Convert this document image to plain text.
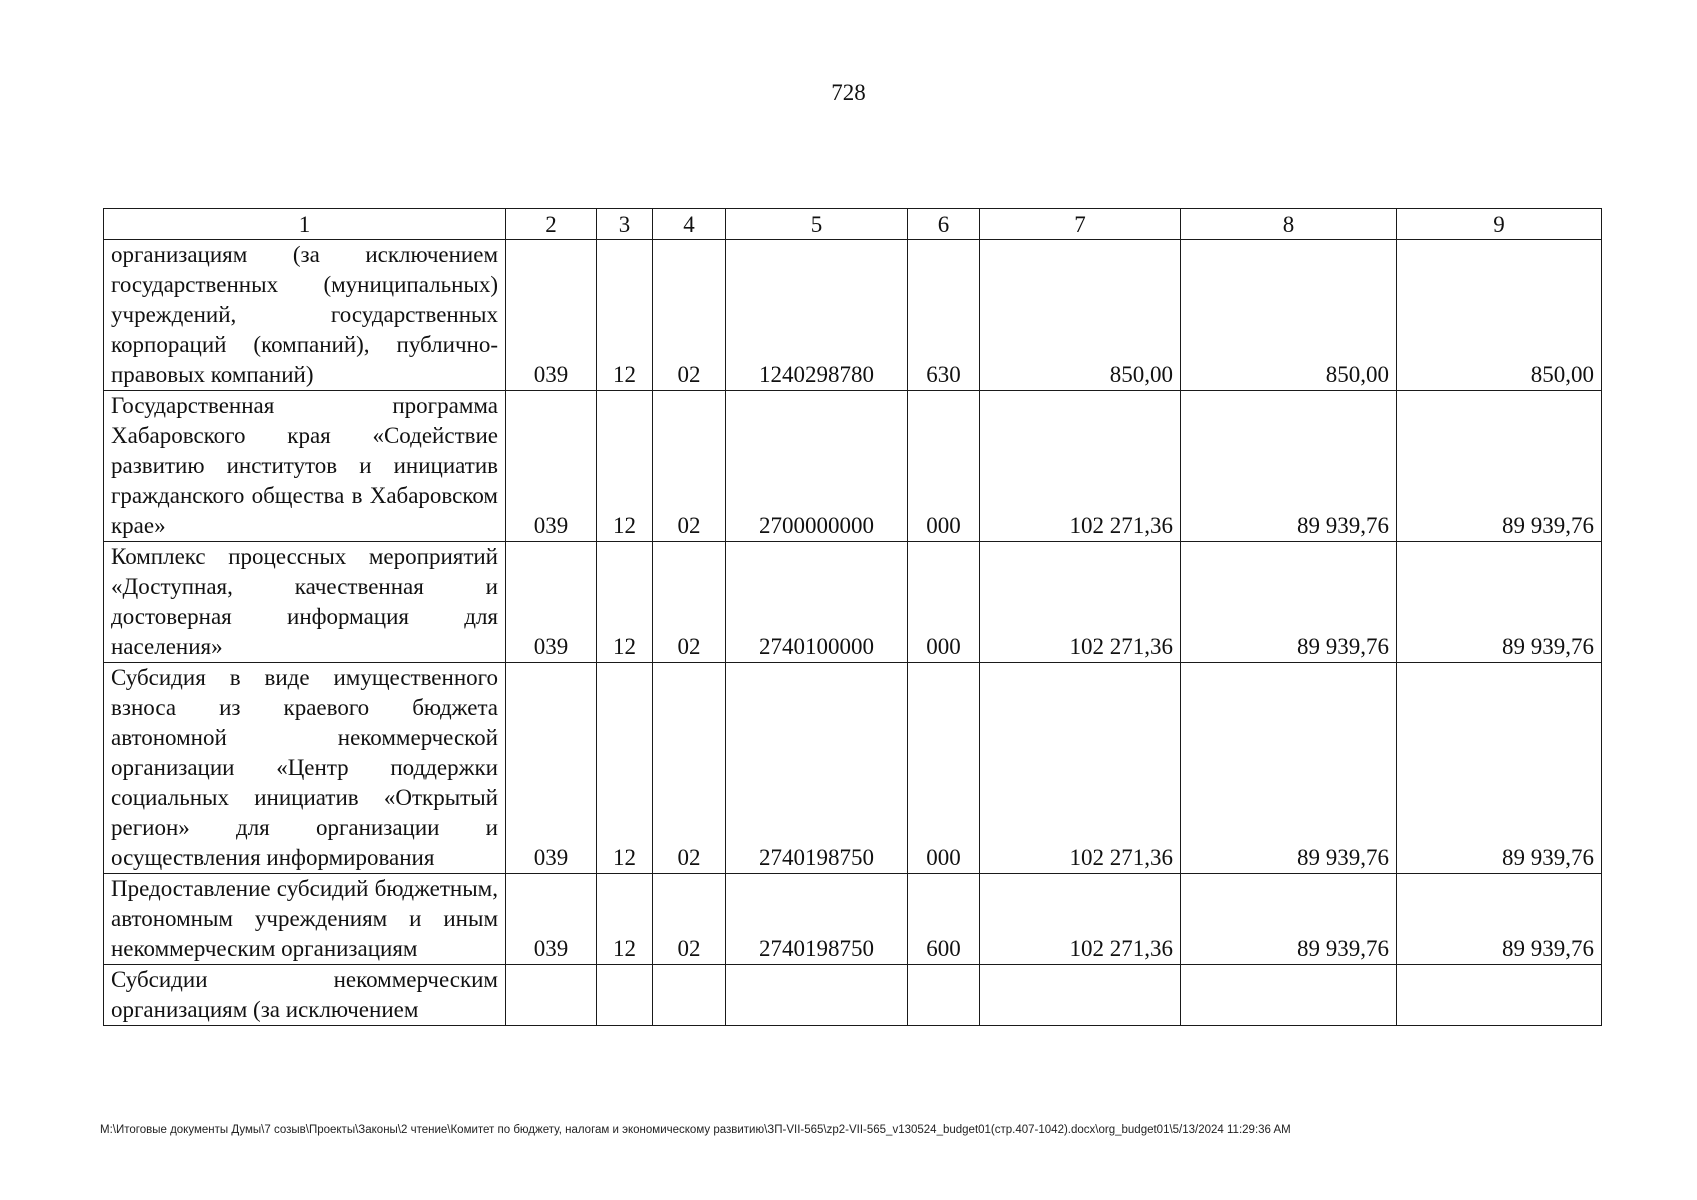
728
1	2	3	4	5	6	7	8	9
организациям (за исключением государственных (муниципальных) учреждений, государственных корпораций (компаний), публично-правовых компаний)	039	12	02	1240298780	630	850,00	850,00	850,00
Государственная программа Хабаровского края «Содействие развитию институтов и инициатив гражданского общества в Хабаровском крае»	039	12	02	2700000000	000	102 271,36	89 939,76	89 939,76
Комплекс процессных мероприятий «Доступная, качественная и достоверная информация для населения»	039	12	02	2740100000	000	102 271,36	89 939,76	89 939,76
Субсидия в виде имущественного взноса из краевого бюджета автономной некоммерческой организации «Центр поддержки социальных инициатив «Открытый регион» для организации и осуществления информирования	039	12	02	2740198750	000	102 271,36	89 939,76	89 939,76
Предоставление субсидий бюджетным, автономным учреждениям и иным некоммерческим организациям	039	12	02	2740198750	600	102 271,36	89 939,76	89 939,76
Субсидии некоммерческим организациям (за исключением								
M:\Итоговые документы Думы\7 созыв\Проекты\Законы\2 чтение\Комитет по бюджету, налогам и экономическому развитию\ЗП-VII-565\zp2-VII-565_v130524_budget01(стр.407-1042).docx\org_budget01\5/13/2024 11:29:36 AM
